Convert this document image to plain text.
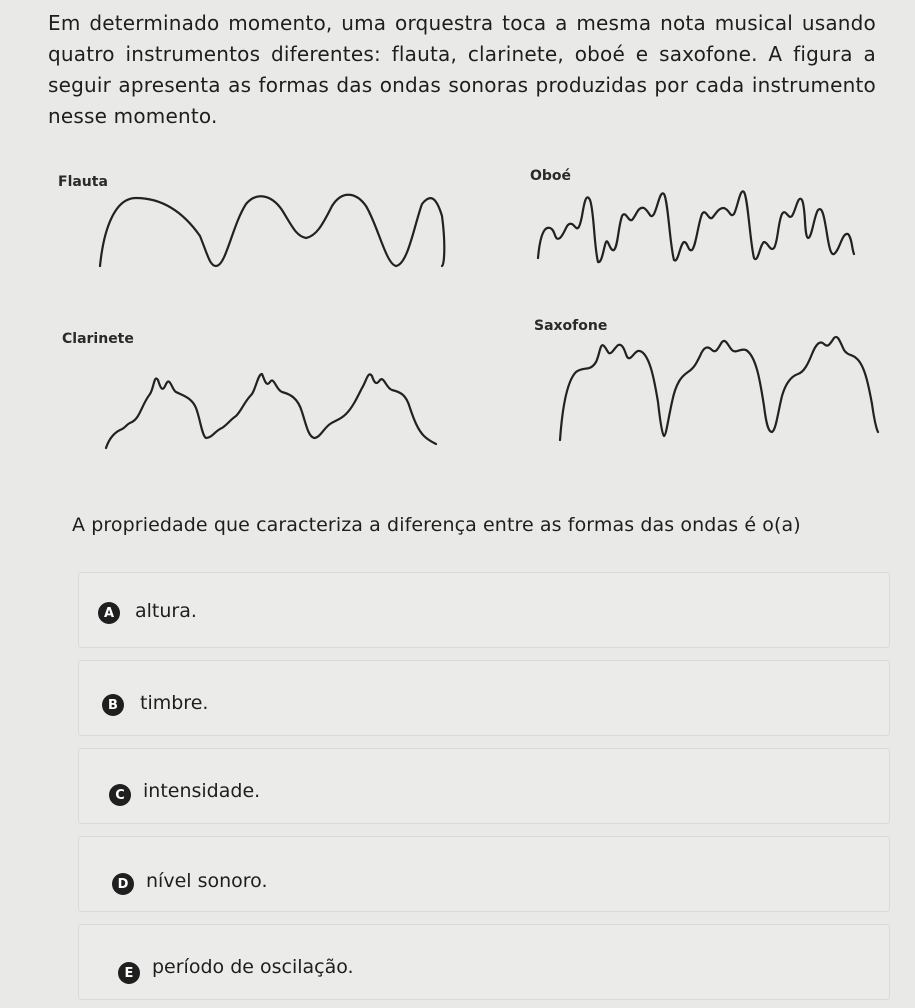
Em determinado momento, uma orquestra toca a mesma nota musical usando quatro instrumentos diferentes: flauta, clarinete, oboé e saxofone. A figura a seguir apresenta as formas das ondas sonoras produzidas por cada instrumento nesse momento.
Flauta	Oboé
Clarinete
Saxofone
A propriedade que caracteriza a diferença entre as formas das ondas é o(a)
A	altura.
B	timbre.
C intensidade.
D nível sonoro.
E período de oscilação.
